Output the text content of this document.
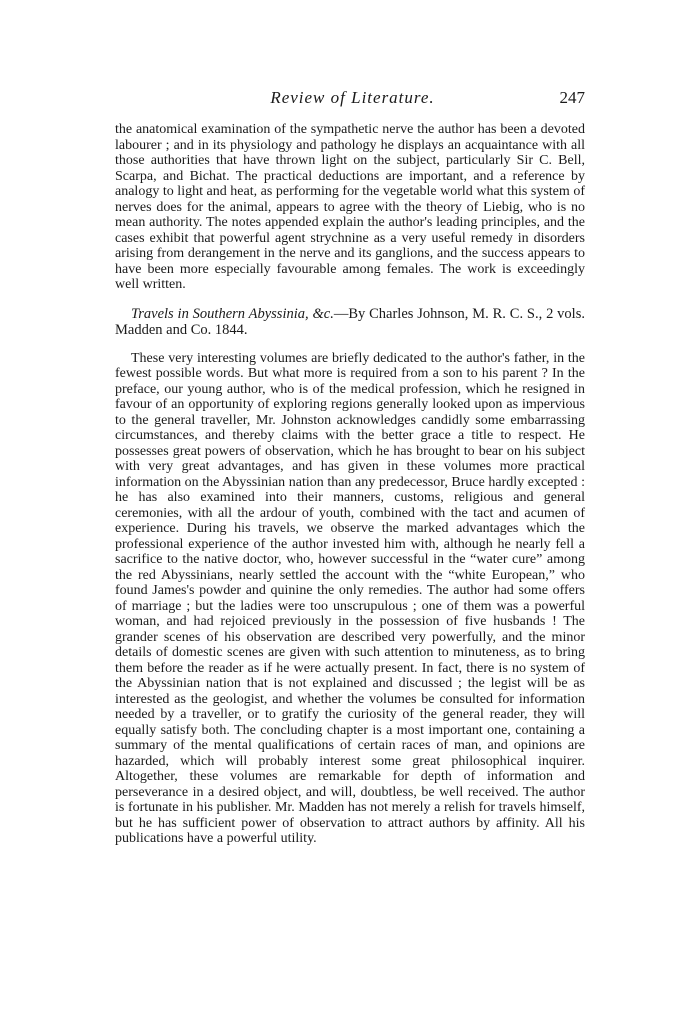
Review of Literature.	247

the anatomical examination of the sympathetic nerve the author has been a devoted labourer ; and in its physiology and pathology he displays an acquaintance with all those authorities that have thrown light on the subject, particularly Sir C. Bell, Scarpa, and Bichat. The practical deductions are important, and a reference by analogy to light and heat, as performing for the vegetable world what this system of nerves does for the animal, appears to agree with the theory of Liebig, who is no mean authority. The notes appended explain the author's leading principles, and the cases exhibit that powerful agent strychnine as a very useful remedy in disorders arising from derangement in the nerve and its ganglions, and the success appears to have been more especially favourable among females. The work is exceedingly well written.

Travels in Southern Abyssinia, &c.—By Charles Johnson, M. R. C. S., 2 vols. Madden and Co. 1844.

These very interesting volumes are briefly dedicated to the author's father, in the fewest possible words. But what more is required from a son to his parent ? In the preface, our young author, who is of the medical profession, which he resigned in favour of an opportunity of exploring regions generally looked upon as impervious to the general traveller, Mr. Johnston acknowledges candidly some embarrassing circumstances, and thereby claims with the better grace a title to respect. He possesses great powers of observation, which he has brought to bear on his subject with very great advantages, and has given in these volumes more practical information on the Abyssinian nation than any predecessor, Bruce hardly excepted : he has also examined into their manners, customs, religious and general ceremonies, with all the ardour of youth, combined with the tact and acumen of experience. During his travels, we observe the marked advantages which the professional experience of the author invested him with, although he nearly fell a sacrifice to the native doctor, who, however successful in the “water cure” among the red Abyssinians, nearly settled the account with the “white European,” who found James's powder and quinine the only remedies. The author had some offers of marriage ; but the ladies were too unscrupulous ; one of them was a powerful woman, and had rejoiced previously in the possession of five husbands ! The grander scenes of his observation are described very powerfully, and the minor details of domestic scenes are given with such attention to minuteness, as to bring them before the reader as if he were actually present. In fact, there is no system of the Abyssinian nation that is not explained and discussed ; the legist will be as interested as the geologist, and whether the volumes be consulted for information needed by a traveller, or to gratify the curiosity of the general reader, they will equally satisfy both. The concluding chapter is a most important one, containing a summary of the mental qualifications of certain races of man, and opinions are hazarded, which will probably interest some great philosophical inquirer. Altogether, these volumes are remarkable for depth of information and perseverance in a desired object, and will, doubtless, be well received. The author is fortunate in his publisher. Mr. Madden has not merely a relish for travels himself, but he has sufficient power of observation to attract authors by affinity. All his publications have a powerful utility.
